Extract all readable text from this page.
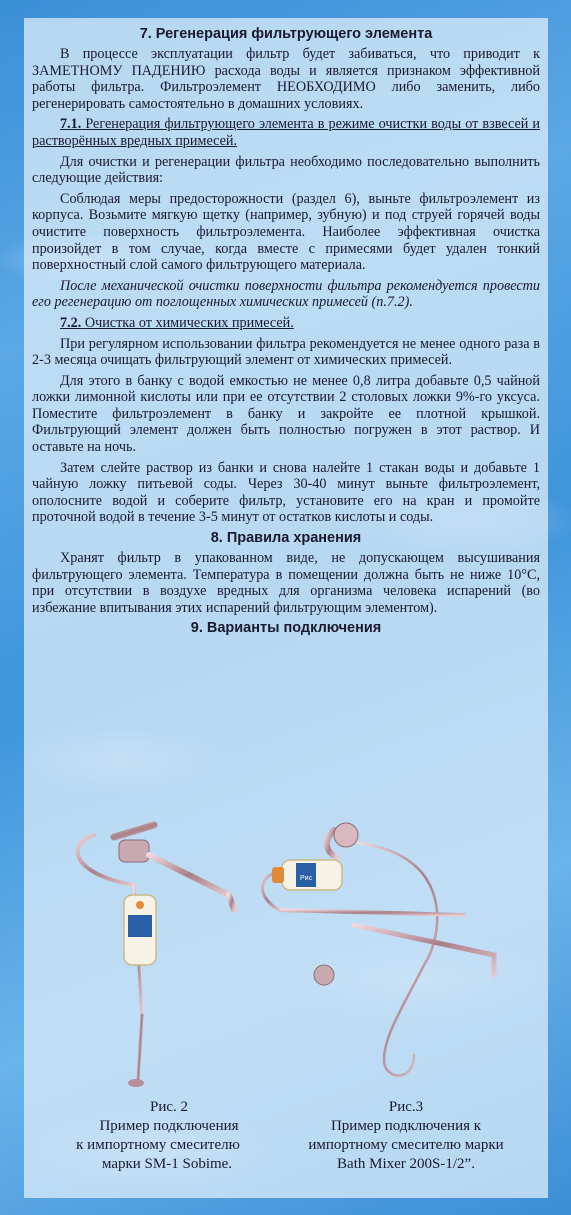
7. Регенерация фильтрующего элемента

В процессе эксплуатации фильтр будет забиваться, что приводит к ЗАМЕТНОМУ ПАДЕНИЮ расхода воды и является признаком эффективной работы фильтра. Фильтроэлемент НЕОБХОДИМО либо заменить, либо регенерировать самостоятельно в домашних условиях.

7.1. Регенерация фильтрующего элемента в режиме очистки воды от взвесей и растворённых вредных примесей.

Для очистки и регенерации фильтра необходимо последовательно выполнить следующие действия:

Соблюдая меры предосторожности (раздел 6), выньте фильтроэлемент из корпуса. Возьмите мягкую щетку (например, зубную) и под струей горячей воды очистите поверхность фильтроэлемента. Наиболее эффективная очистка произойдет в том случае, когда вместе с примесями будет удален тонкий поверхностный слой самого фильтрующего материала.

После механической очистки поверхности фильтра рекомендуется провести его регенерацию от поглощенных химических примесей (п.7.2).

7.2. Очистка от химических примесей.

При регулярном использовании фильтра рекомендуется не менее одного раза в 2-3 месяца очищать фильтрующий элемент от химических примесей.

Для этого в банку с водой емкостью не менее 0,8 литра добавьте 0,5 чайной ложки лимонной кислоты или при ее отсутствии 2 столовых ложки 9%-го уксуса. Поместите фильтроэлемент в банку и закройте ее плотной крышкой. Фильтрующий элемент должен быть полностью погружен в этот раствор. И оставьте на ночь.

Затем слейте раствор из банки и снова налейте 1 стакан воды и добавьте 1 чайную ложку питьевой соды. Через 30-40 минут выньте фильтроэлемент, ополосните водой и соберите фильтр, установите его на кран и промойте проточной водой в течение 3-5 минут от остатков кислоты и соды.

8. Правила хранения

Хранят фильтр в упакованном виде, не допускающем высушивания фильтрующего элемента. Температура в помещении должна быть не ниже 10°С, при отсутствии в воздухе вредных для организма человека испарений (во избежание впитывания этих испарений фильтрующим элементом).

9. Варианты подключения
Рис
Рис. 2
Пример подключения
к импортному смесителю
марки SM-1 Sobime.
Рис.3
Пример подключения к
импортному смесителю марки
Bath Mixer 200S-1/2”.
